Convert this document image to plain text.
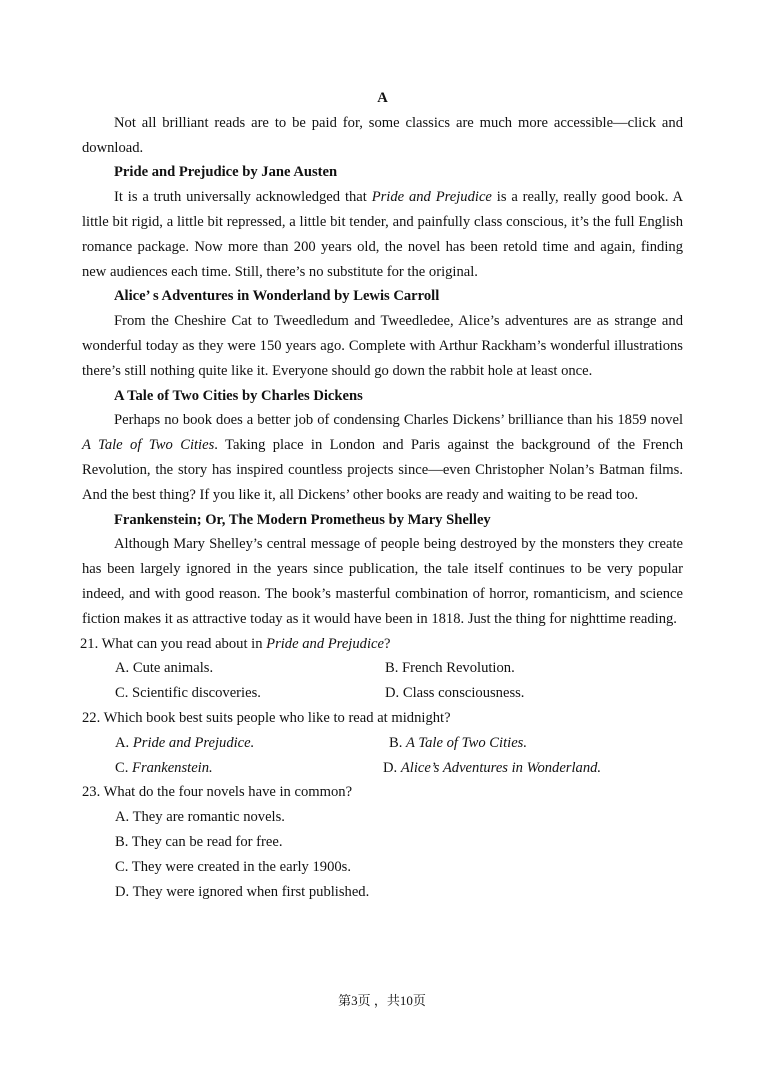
A

Not all brilliant reads are to be paid for, some classics are much more accessible—click and download.

Pride and Prejudice by Jane Austen

It is a truth universally acknowledged that Pride and Prejudice is a really, really good book. A little bit rigid, a little bit repressed, a little bit tender, and painfully class conscious, it’s the full English romance package. Now more than 200 years old, the novel has been retold time and again, finding new audiences each time. Still, there’s no substitute for the original.

Alice’ s Adventures in Wonderland by Lewis Carroll

From the Cheshire Cat to Tweedledum and Tweedledee, Alice’s adventures are as strange and wonderful today as they were 150 years ago. Complete with Arthur Rackham’s wonderful illustrations there’s still nothing quite like it. Everyone should go down the rabbit hole at least once.

A Tale of Two Cities by Charles Dickens

Perhaps no book does a better job of condensing Charles Dickens’ brilliance than his 1859 novel A Tale of Two Cities. Taking place in London and Paris against the background of the French Revolution, the story has inspired countless projects since—even Christopher Nolan’s Batman films. And the best thing? If you like it, all Dickens’ other books are ready and waiting to be read too.

Frankenstein; Or, The Modern Prometheus by Mary Shelley

Although Mary Shelley’s central message of people being destroyed by the monsters they create has been largely ignored in the years since publication, the tale itself continues to be very popular indeed, and with good reason. The book’s masterful combination of horror, romanticism, and science fiction makes it as attractive today as it would have been in 1818. Just the thing for nighttime reading.

21. What can you read about in Pride and Prejudice?
A. Cute animals.	B. French Revolution.
C. Scientific discoveries.	D. Class consciousness.
22. Which book best suits people who like to read at midnight?
A. Pride and Prejudice.	B. A Tale of Two Cities.
C. Frankenstein.	D. Alice’s Adventures in Wonderland.
23. What do the four novels have in common?
A. They are romantic novels.
B. They can be read for free.
C. They were created in the early 1900s.
D. They were ignored when first published.
第3页 ，共10页
